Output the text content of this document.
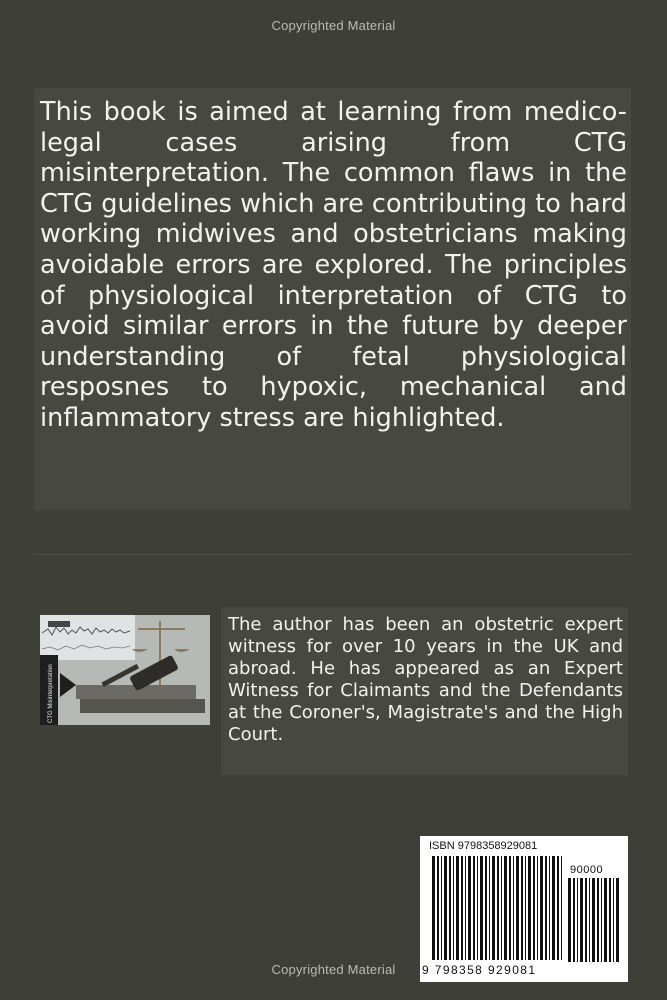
Copyrighted Material

This book is aimed at learning from medico-legal cases arising from CTG misinterpretation. The common flaws in the CTG guidelines which are contributing to hard working midwives and obstetricians making avoidable errors are explored. The principles of physiological interpretation of CTG to avoid similar errors in the future by deeper understanding of fetal physiological resposnes to hypoxic, mechanical and inflammatory stress are highlighted.

CTG Misinterpretation

The author has been an obstetric expert witness for over 10 years in the UK and abroad. He has appeared as an Expert Witness for Claimants and the Defendants at the Coroner's, Magistrate's and the High Court.

ISBN 9798358929081
90000
9 798358 929081
Copyrighted Material
